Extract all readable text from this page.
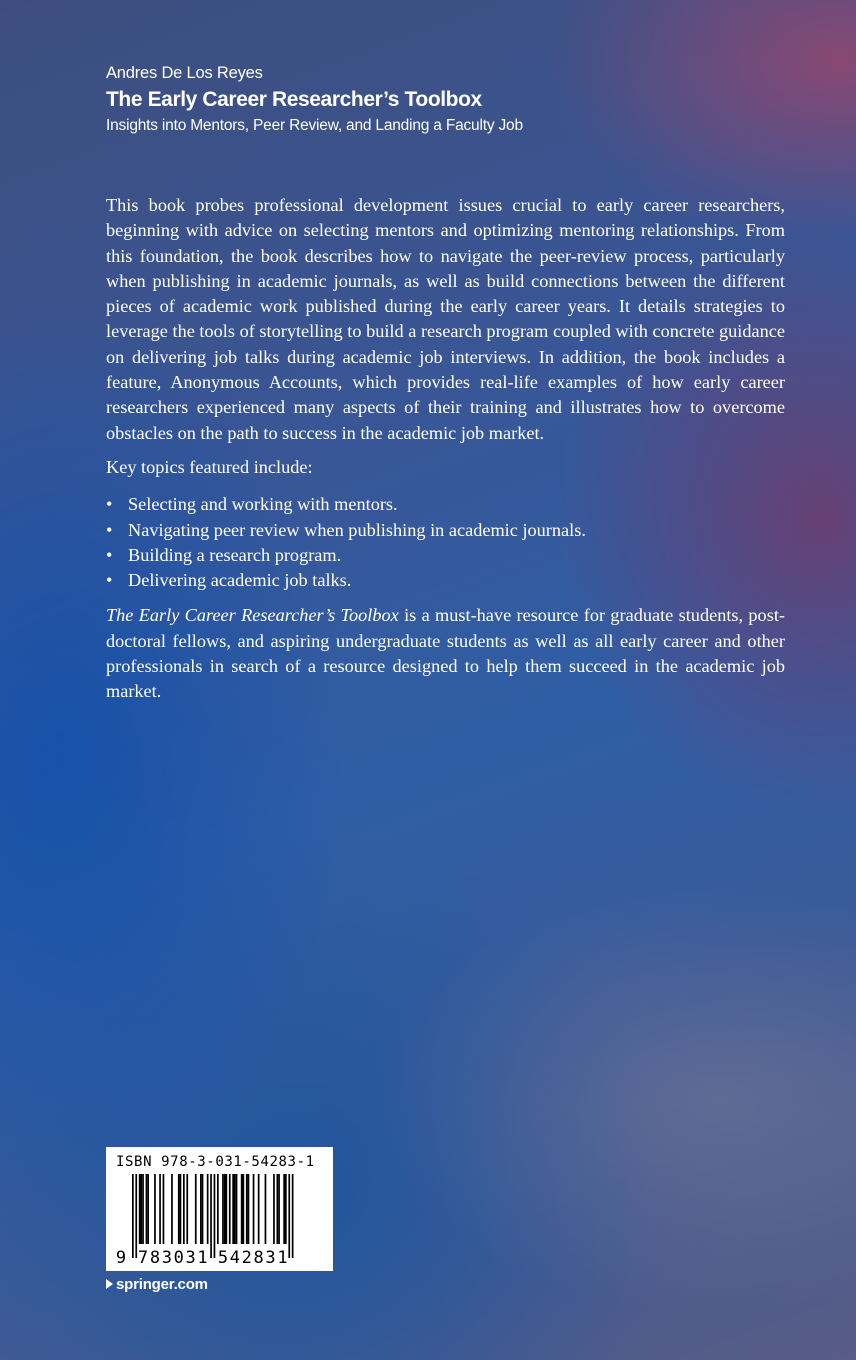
Andres De Los Reyes
The Early Career Researcher’s Toolbox
Insights into Mentors, Peer Review, and Landing a Faculty Job

This book probes professional development issues crucial to early career researchers, beginning with advice on selecting mentors and optimizing mentoring relationships. From this foundation, the book describes how to navigate the peer-review process, particularly when publishing in academic journals, as well as build connections between the different pieces of academic work published during the early career years. It details strategies to leverage the tools of storytelling to build a research program coupled with concrete guidance on delivering job talks during academic job interviews. In addition, the book includes a feature, Anonymous Accounts, which provides real-life examples of how early career researchers experienced many aspects of their training and illustrates how to overcome obstacles on the path to success in the academic job market.

Key topics featured include:

• Selecting and working with mentors.
• Navigating peer review when publishing in academic journals.
• Building a research program.
• Delivering academic job talks.

The Early Career Researcher’s Toolbox is a must-have resource for graduate students, post-doctoral fellows, and aspiring undergraduate students as well as all early career and other professionals in search of a resource designed to help them succeed in the academic job market.

ISBN 978-3-031-54283-1
9 7 8 3 0 3 1 5 4 2 8 3 1
springer.com
